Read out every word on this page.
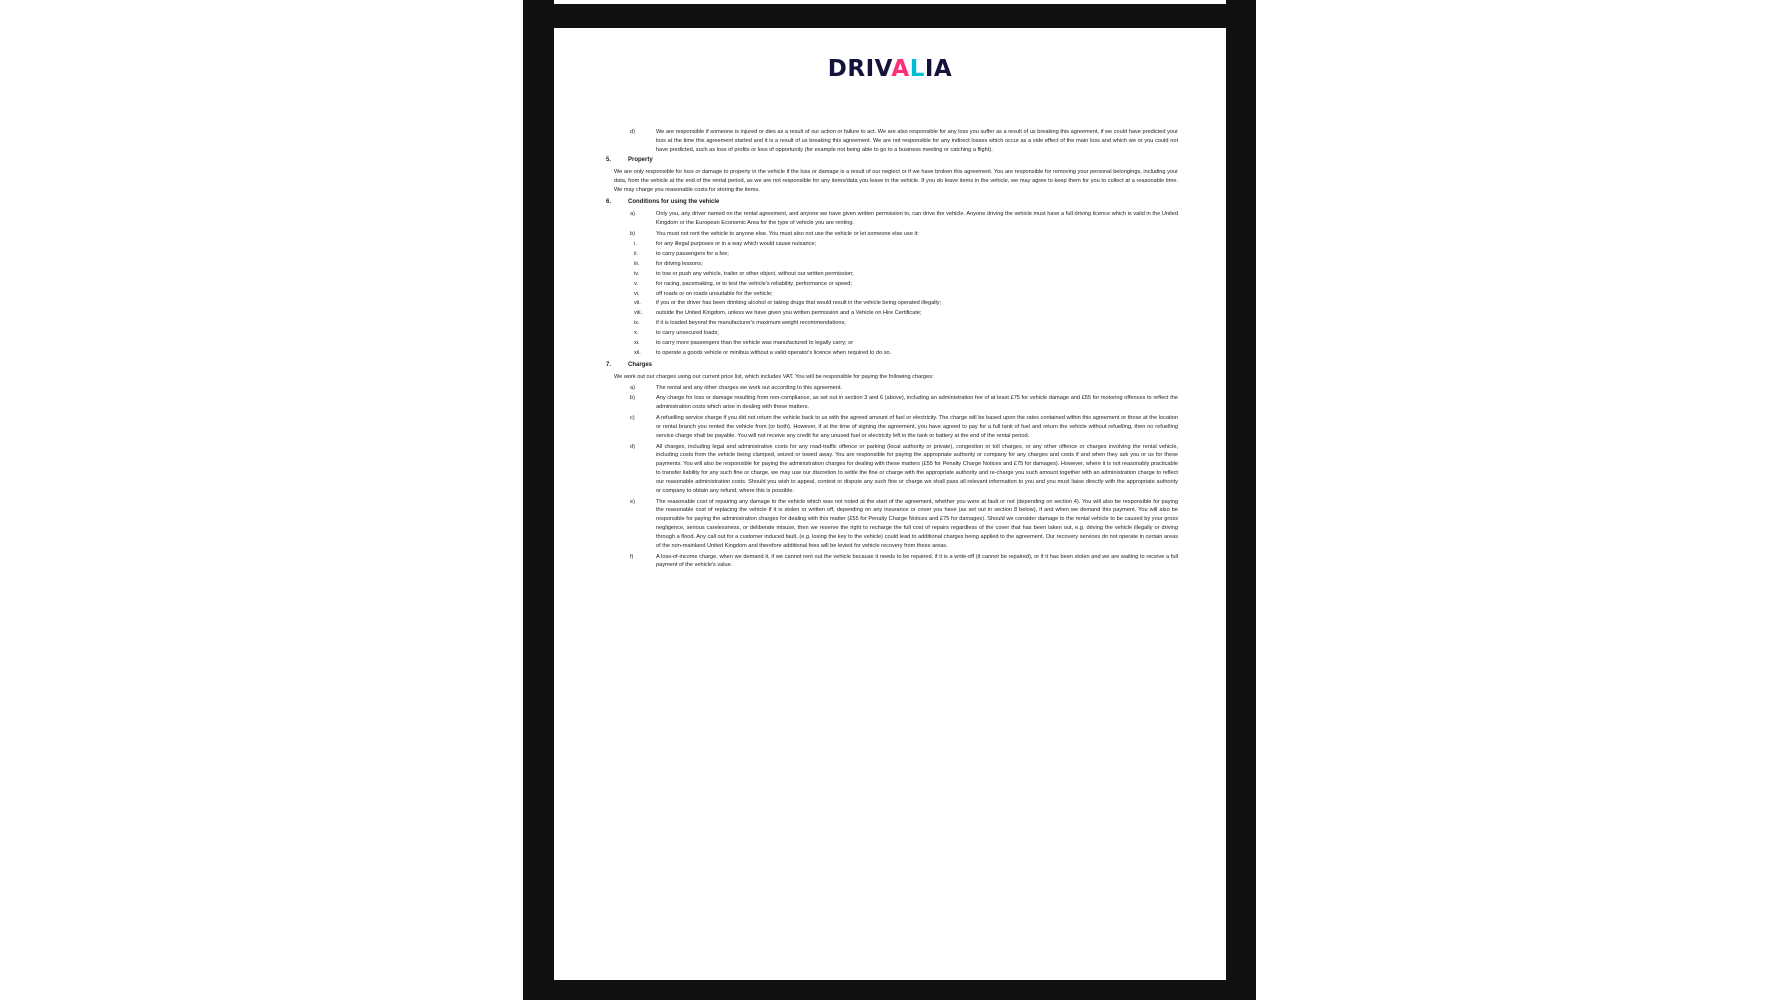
DRIVALIA
d)	We are responsible if someone is injured or dies as a result of our action or failure to act. We are also responsible for any loss you suffer as a result of us breaking this agreement, if we could have predicted your loss at the time this agreement started and it is a result of us breaking this agreement. We are not responsible for any indirect losses which occur as a side effect of the main loss and which we or you could not have predicted, such as loss of profits or loss of opportunity (for example not being able to go to a business meeting or catching a flight).
5.	Property
We are only responsible for loss or damage to property in the vehicle if the loss or damage is a result of our neglect or if we have broken this agreement. You are responsible for removing your personal belongings, including your data, from the vehicle at the end of the rental period, as we are not responsible for any items/data you leave in the vehicle. If you do leave items in the vehicle, we may agree to keep them for you to collect at a reasonable time. We may charge you reasonable costs for storing the items.
6.	Conditions for using the vehicle
a)	Only you, any driver named on the rental agreement, and anyone we have given written permission to, can drive the vehicle. Anyone driving the vehicle must have a full driving licence which is valid in the United Kingdom or the European Economic Area for the type of vehicle you are renting.
b)	You must not rent the vehicle to anyone else. You must also not use the vehicle or let someone else use it:
i.	for any illegal purposes or in a way which would cause nuisance;
ii.	to carry passengers for a fee;
iii.	for driving lessons;
iv.	to tow or push any vehicle, trailer or other object, without our written permission;
v.	for racing, pacemaking, or to test the vehicle's reliability, performance or speed;
vi.	off roads or on roads unsuitable for the vehicle;
vii.	if you or the driver has been drinking alcohol or taking drugs that would result in the vehicle being operated illegally;
viii.	outside the United Kingdom, unless we have given you written permission and a Vehicle on Hire Certificate;
ix.	if it is loaded beyond the manufacturer's maximum weight recommendations;
x.	to carry unsecured loads;
xi.	to carry more passengers than the vehicle was manufactured to legally carry; or
xii.	to operate a goods vehicle or minibus without a valid operator's licence when required to do so.
7.	Charges
We work out our charges using our current price list, which includes VAT. You will be responsible for paying the following charges:
a)	The rental and any other charges we work out according to this agreement.
b)	Any charge for loss or damage resulting from non-compliance, as set out in section 3 and 6 (above), including an administration fee of at least £75 for vehicle damage and £55 for motoring offences to reflect the administration costs which arise in dealing with these matters.
c)	A refuelling service charge if you did not return the vehicle back to us with the agreed amount of fuel or electricity. The charge will be based upon the rates contained within this agreement or those at the location or rental branch you rented the vehicle from (or both). However, if at the time of signing the agreement, you have agreed to pay for a full tank of fuel and return the vehicle without refuelling, then no refuelling service charge shall be payable. You will not receive any credit for any unused fuel or electricity left in the tank or battery at the end of the rental period.
d)	All charges, including legal and administrative costs for any road-traffic offence or parking (local authority or private), congestion or toll charges, or any other offence or charges involving the rental vehicle, including costs from the vehicle being clamped, seized or towed away. You are responsible for paying the appropriate authority or company for any charges and costs if and when they ask you or us for these payments. You will also be responsible for paying the administration charges for dealing with these matters (£55 for Penalty Charge Notices and £75 for damages). However, where it is not reasonably practicable to transfer liability for any such fine or charge, we may use our discretion to settle the fine or charge with the appropriate authority and re-charge you such amount together with an administration charge to reflect our reasonable administration costs. Should you wish to appeal, contest or dispute any such fine or charge we shall pass all relevant information to you and you must liaise directly with the appropriate authority or company to obtain any refund, where this is possible.
e)	The reasonable cost of repairing any damage to the vehicle which was not noted at the start of the agreement, whether you were at fault or not (depending on section 4). You will also be responsible for paying the reasonable cost of replacing the vehicle if it is stolen or written off, depending on any insurance or cover you have (as set out in section 8 below), if and when we demand this payment. You will also be responsible for paying the administration charges for dealing with this matter (£55 for Penalty Charge Notices and £75 for damages). Should we consider damage to the rental vehicle to be caused by your gross negligence, serious carelessness, or deliberate misuse, then we reserve the right to recharge the full cost of repairs regardless of the cover that has been taken out, e.g. driving the vehicle illegally or driving through a flood. Any call out for a customer induced fault, (e.g. losing the key to the vehicle) could lead to additional charges being applied to the agreement. Our recovery services do not operate in certain areas of the non-mainland United Kingdom and therefore additional fees will be levied for vehicle recovery from these areas.
f)	A loss-of-income charge, when we demand it, if we cannot rent out the vehicle because it needs to be repaired, if it is a write-off (it cannot be repaired), or if it has been stolen and we are waiting to receive a full payment of the vehicle's value.
